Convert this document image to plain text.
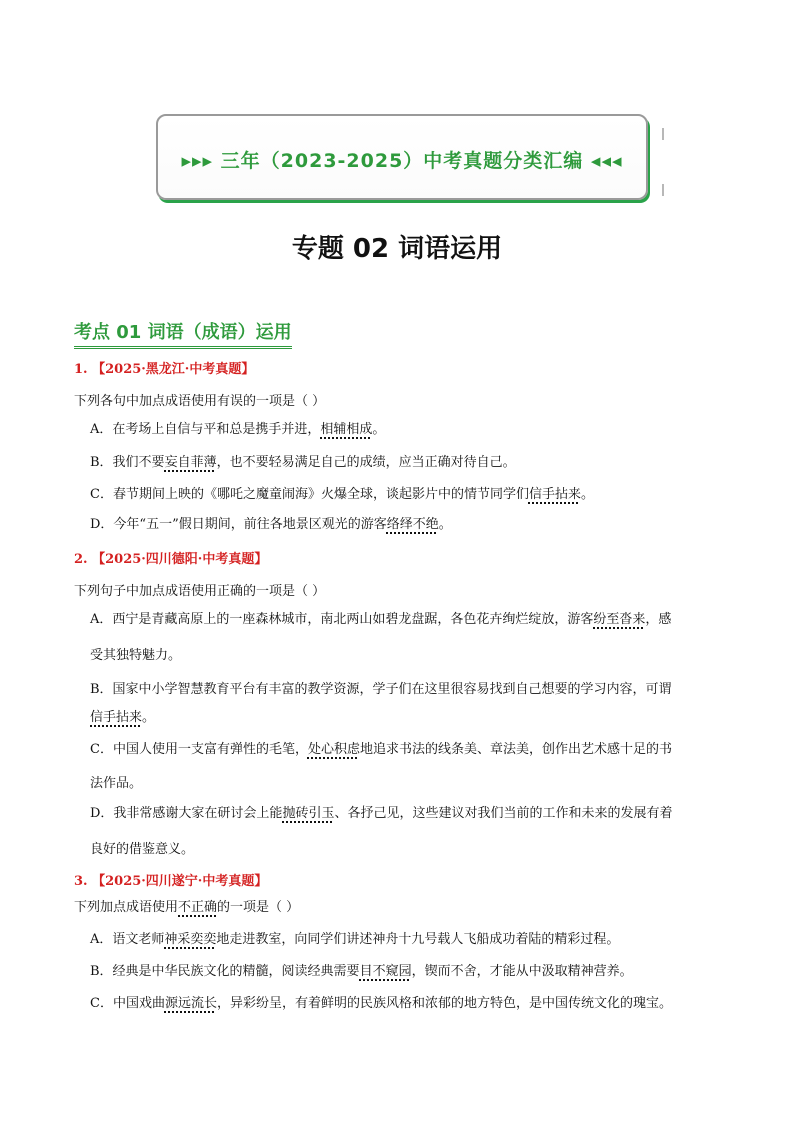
▸▸▸ 三年（2023-2025）中考真题分类汇编 ◂◂◂
专题 02 词语运用
考点 01 词语（成语）运用
1. 【2025·黑龙江·中考真题】
下列各句中加点成语使用有误的一项是（ ）
A．在考场上自信与平和总是携手并进，相辅相成。
B．我们不要妄自菲薄，也不要轻易满足自己的成绩，应当正确对待自己。
C．春节期间上映的《哪吒之魔童闹海》火爆全球，谈起影片中的情节同学们信手拈来。
D．今年“五一”假日期间，前往各地景区观光的游客络绎不绝。
2. 【2025·四川德阳·中考真题】
下列句子中加点成语使用正确的一项是（ ）
A．西宁是青藏高原上的一座森林城市，南北两山如碧龙盘踞，各色花卉绚烂绽放，游客纷至沓来，感
受其独特魅力。
B．国家中小学智慧教育平台有丰富的教学资源，学子们在这里很容易找到自己想要的学习内容，可谓
信手拈来。
C．中国人使用一支富有弹性的毛笔，处心积虑地追求书法的线条美、章法美，创作出艺术感十足的书
法作品。
D．我非常感谢大家在研讨会上能抛砖引玉、各抒己见，这些建议对我们当前的工作和未来的发展有着
良好的借鉴意义。
3. 【2025·四川遂宁·中考真题】
下列加点成语使用不正确的一项是（ ）
A．语文老师神采奕奕地走进教室，向同学们讲述神舟十九号载人飞船成功着陆的精彩过程。
B．经典是中华民族文化的精髓，阅读经典需要目不窥园，锲而不舍，才能从中汲取精神营养。
C．中国戏曲源远流长，异彩纷呈，有着鲜明的民族风格和浓郁的地方特色，是中国传统文化的瑰宝。
